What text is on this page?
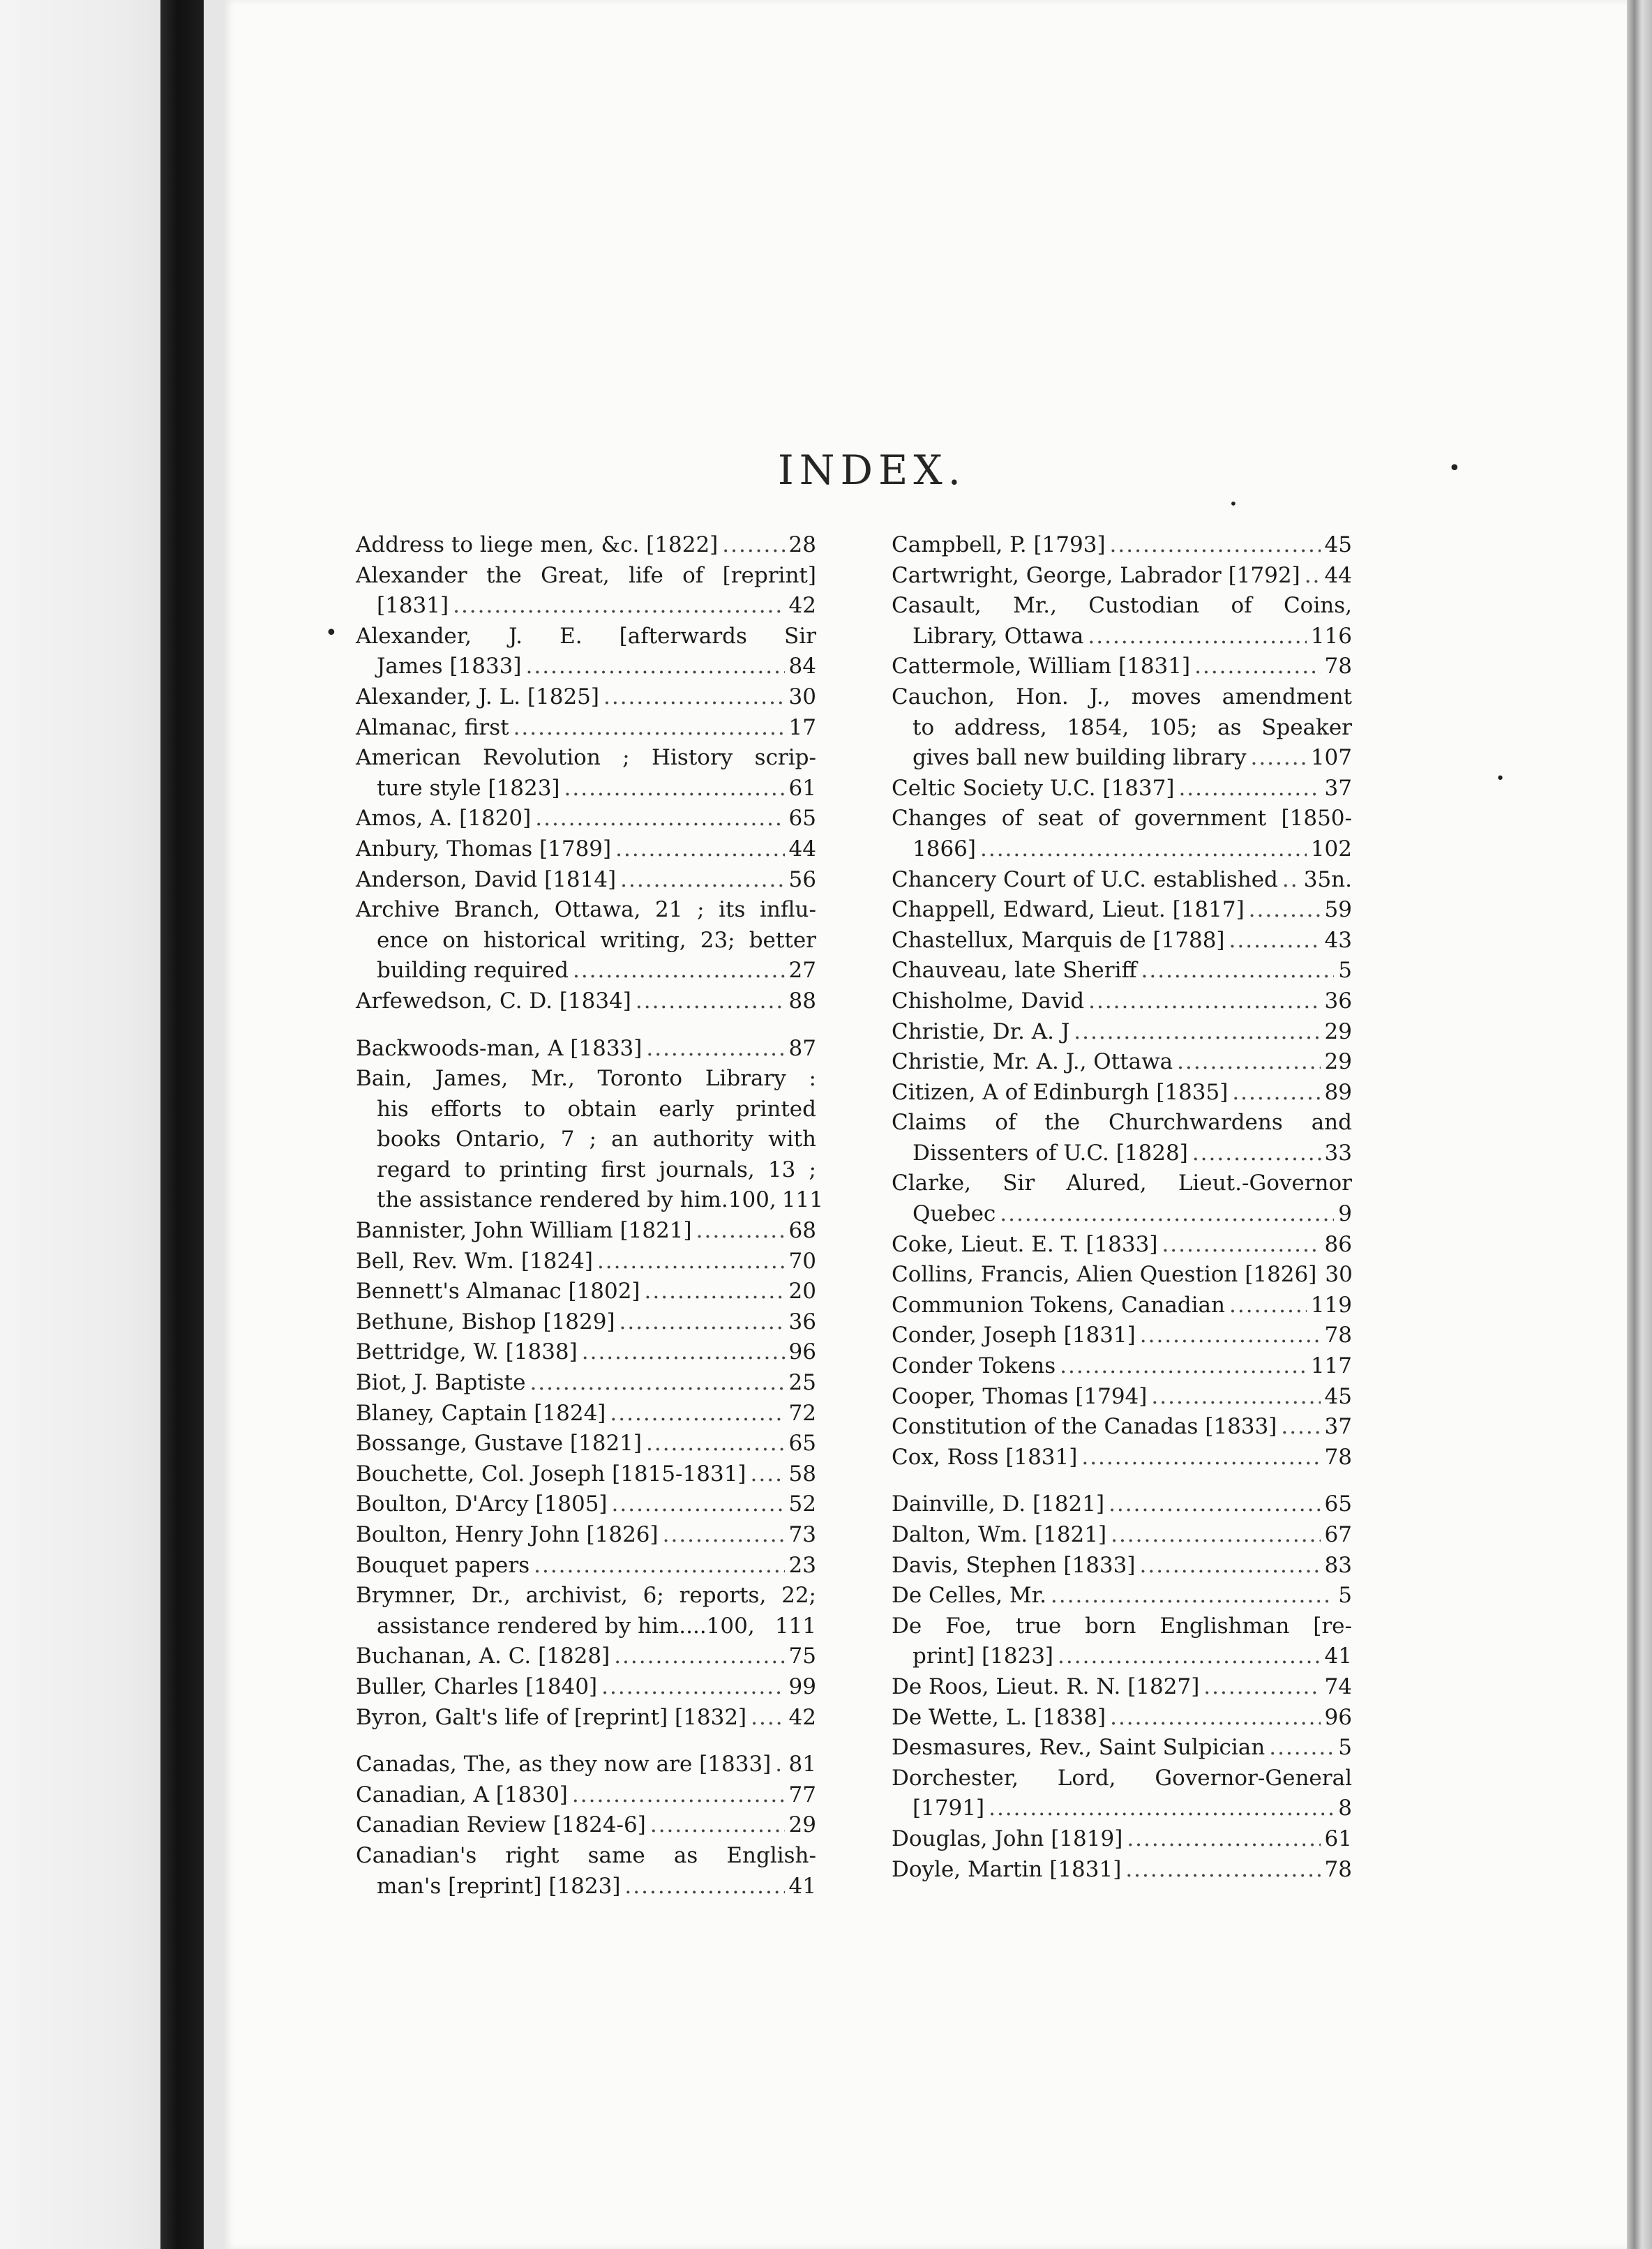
•
•
•
•
INDEX.
Address to liege men, &c. [1822] .....	28
Alexander the Great, life of [reprint]
[1831] .....	42
Alexander, J. E. [afterwards Sir
James [1833] .....	84
Alexander, J. L. [1825] .....	30
Almanac, first .....	17
American Revolution ; History scrip-
ture style [1823] .....	61
Amos, A. [1820] .....	65
Anbury, Thomas [1789] .....	44
Anderson, David [1814] .....	56
Archive Branch, Ottawa, 21 ; its influ-
ence on historical writing, 23; better
building required .....	27
Arfewedson, C. D. [1834] .....	88
Backwoods-man, A [1833] .....	87
Bain, James, Mr., Toronto Library :
his efforts to obtain early printed
books Ontario, 7 ; an authority with
regard to printing first journals, 13 ;
the assistance rendered by him.100, 111
Bannister, John William [1821] .....	68
Bell, Rev. Wm. [1824] .....	70
Bennett's Almanac [1802] .....	20
Bethune, Bishop [1829] .....	36
Bettridge, W. [1838] .....	96
Biot, J. Baptiste .....	25
Blaney, Captain [1824] .....	72
Bossange, Gustave [1821] .....	65
Bouchette, Col. Joseph [1815-1831] ..... 58
Boulton, D'Arcy [1805] .....	52
Boulton, Henry John [1826] .....	73
Bouquet papers .....	23
Brymner, Dr., archivist, 6; reports, 22;
assistance rendered by him....100, 111
Buchanan, A. C. [1828] .....	75
Buller, Charles [1840] .....	99
Byron, Galt's life of [reprint] [1832] ..... 42
Canadas, The, as they now are [1833] ..... 81
Canadian, A [1830] .....	77
Canadian Review [1824-6] .....	29
Canadian's right same as English-
man's [reprint] [1823] .....	41
Campbell, P. [1793] .....	45
Cartwright, George, Labrador [1792] ..... 44
Casault, Mr., Custodian of Coins,
Library, Ottawa .....	116
Cattermole, William [1831] .....	78
Cauchon, Hon. J., moves amendment
to address, 1854, 105; as Speaker
gives ball new building library .....	107
Celtic Society U.C. [1837] .....	37
Changes of seat of government [1850-
1866] .....	102
Chancery Court of U.C. established ..... 35n.
Chappell, Edward, Lieut. [1817] .....	59
Chastellux, Marquis de [1788] .....	43
Chauveau, late Sheriff .....	5
Chisholme, David .....	36
Christie, Dr. A. J .....	29
Christie, Mr. A. J., Ottawa .....	29
Citizen, A of Edinburgh [1835] .....	89
Claims of the Churchwardens and
Dissenters of U.C. [1828] .....	33
Clarke, Sir Alured, Lieut.-Governor
Quebec .....	9
Coke, Lieut. E. T. [1833] .....	86
Collins, Francis, Alien Question [1826] 30
Communion Tokens, Canadian .....	119
Conder, Joseph [1831] .....	78
Conder Tokens .....	117
Cooper, Thomas [1794] .....	45
Constitution of the Canadas [1833] ..... 37
Cox, Ross [1831] .....	78
Dainville, D. [1821] .....	65
Dalton, Wm. [1821] .....	67
Davis, Stephen [1833] .....	83
De Celles, Mr. .....	5
De Foe, true born Englishman [re-
print] [1823] .....	41
De Roos, Lieut. R. N. [1827] .....	74
De Wette, L. [1838] .....	96
Desmasures, Rev., Saint Sulpician .....	5
Dorchester, Lord, Governor-General
[1791] .....	8
Douglas, John [1819] .....	61
Doyle, Martin [1831] .....	78
